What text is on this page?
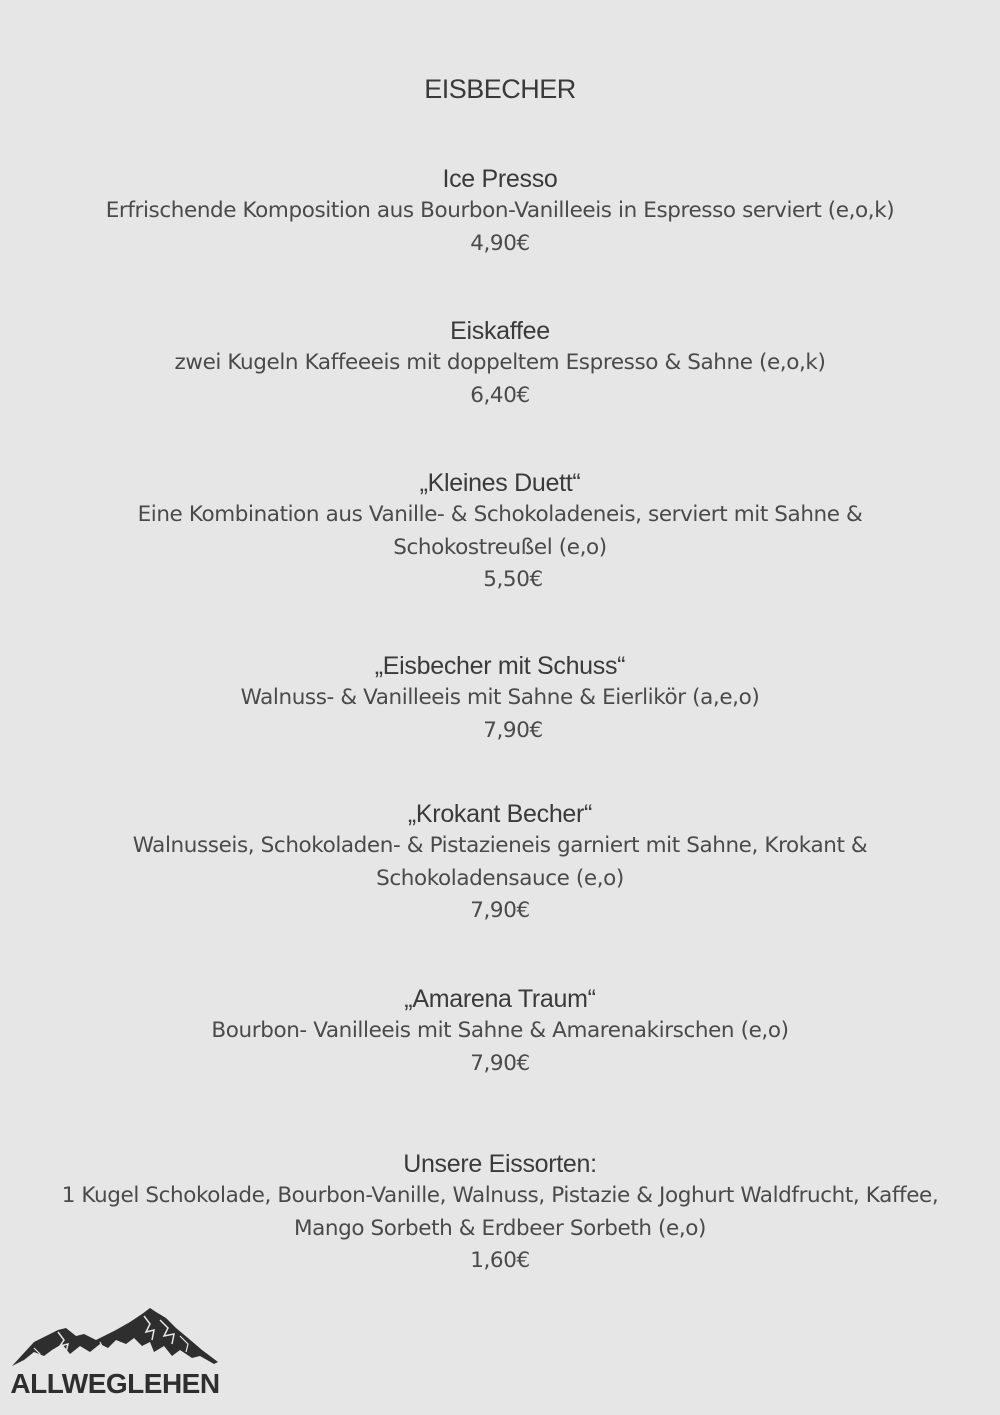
EISBECHER
Ice Presso
Erfrischende Komposition aus Bourbon-Vanilleeis in Espresso serviert (e,o,k)
4,90€
Eiskaffee
zwei Kugeln Kaffeeeis mit doppeltem Espresso & Sahne (e,o,k)
6,40€
„Kleines Duett“
Eine Kombination aus Vanille- & Schokoladeneis, serviert mit Sahne & Schokostreußel (e,o)
5,50€
„Eisbecher mit Schuss“
Walnuss- & Vanilleeis mit Sahne & Eierlikör (a,e,o)
7,90€
„Krokant Becher“
Walnusseis, Schokoladen- & Pistazieneis garniert mit Sahne, Krokant & Schokoladensauce (e,o)
7,90€
„Amarena Traum“
Bourbon- Vanilleeis mit Sahne & Amarenakirschen (e,o)
7,90€
Unsere Eissorten:
1 Kugel Schokolade, Bourbon-Vanille, Walnuss, Pistazie & Joghurt Waldfrucht, Kaffee, Mango Sorbeth & Erdbeer Sorbeth (e,o)
1,60€
ALLWEGLEHEN
